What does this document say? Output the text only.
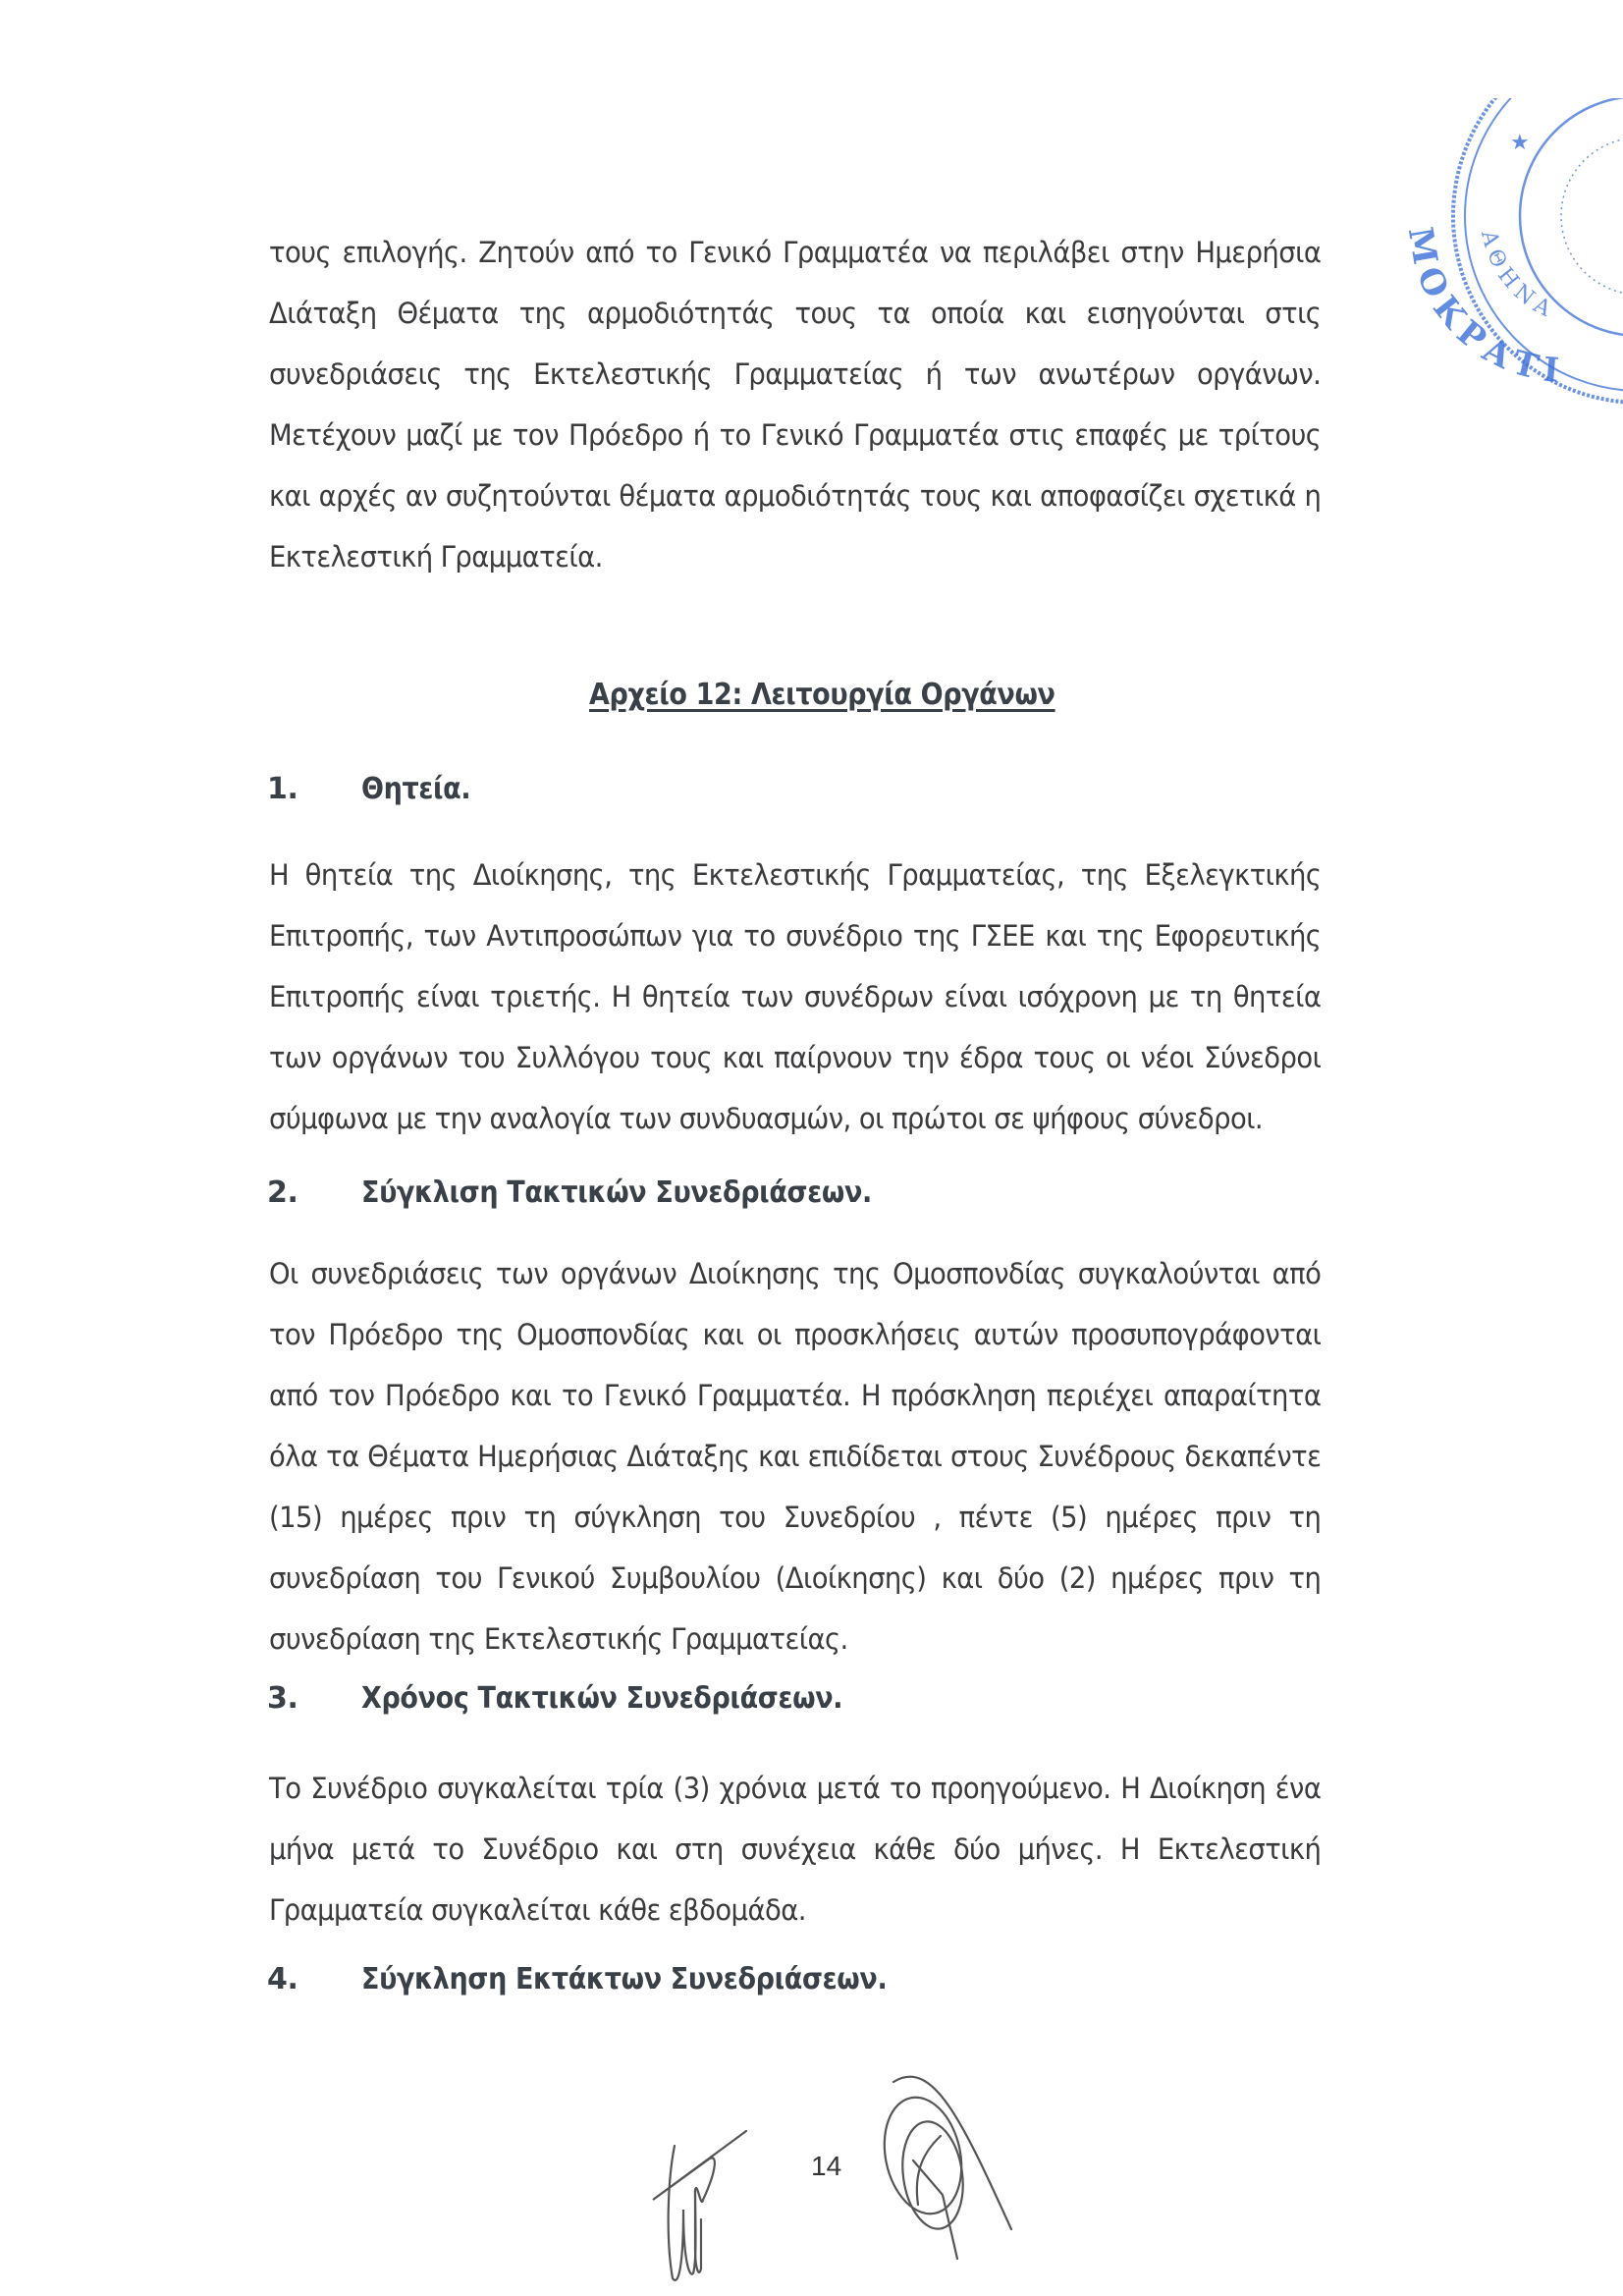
ΜΟΚΡΑΤΙ
ΑΘΗΝΑ
★

τους επιλογής. Ζητούν από το Γενικό Γραμματέα να περιλάβει στην Ημερήσια Διάταξη Θέματα της αρμοδιότητάς τους τα οποία και εισηγούνται στις συνεδριάσεις της Εκτελεστικής Γραμματείας ή των ανωτέρων οργάνων. Μετέχουν μαζί με τον Πρόεδρο ή το Γενικό Γραμματέα στις επαφές με τρίτους και αρχές αν συζητούνται θέματα αρμοδιότητάς τους και αποφασίζει σχετικά η Εκτελεστική Γραμματεία.

Αρχείο 12: Λειτουργία Οργάνων
1. Θητεία.

Η θητεία της Διοίκησης, της Εκτελεστικής Γραμματείας, της Εξελεγκτικής Επιτροπής, των Αντιπροσώπων για το συνέδριο της ΓΣΕΕ και της Εφορευτικής Επιτροπής είναι τριετής. Η θητεία των συνέδρων είναι ισόχρονη με τη θητεία των οργάνων του Συλλόγου τους και παίρνουν την έδρα τους οι νέοι Σύνεδροι σύμφωνα με την αναλογία των συνδυασμών, οι πρώτοι σε ψήφους σύνεδροι.

2. Σύγκλιση Τακτικών Συνεδριάσεων.

Οι συνεδριάσεις των οργάνων Διοίκησης της Ομοσπονδίας συγκαλούνται από τον Πρόεδρο της Ομοσπονδίας και οι προσκλήσεις αυτών προσυπογράφονται από τον Πρόεδρο και το Γενικό Γραμματέα. Η πρόσκληση περιέχει απαραίτητα όλα τα Θέματα Ημερήσιας Διάταξης και επιδίδεται στους Συνέδρους δεκαπέντε (15) ημέρες πριν τη σύγκληση του Συνεδρίου , πέντε (5) ημέρες πριν τη συνεδρίαση του Γενικού Συμβουλίου (Διοίκησης) και δύο (2) ημέρες πριν τη συνεδρίαση της Εκτελεστικής Γραμματείας.

3. Χρόνος Τακτικών Συνεδριάσεων.

Το Συνέδριο συγκαλείται τρία (3) χρόνια μετά το προηγούμενο. Η Διοίκηση ένα μήνα μετά το Συνέδριο και στη συνέχεια κάθε δύο μήνες. Η Εκτελεστική Γραμματεία συγκαλείται κάθε εβδομάδα.

4. Σύγκληση Εκτάκτων Συνεδριάσεων.
14
